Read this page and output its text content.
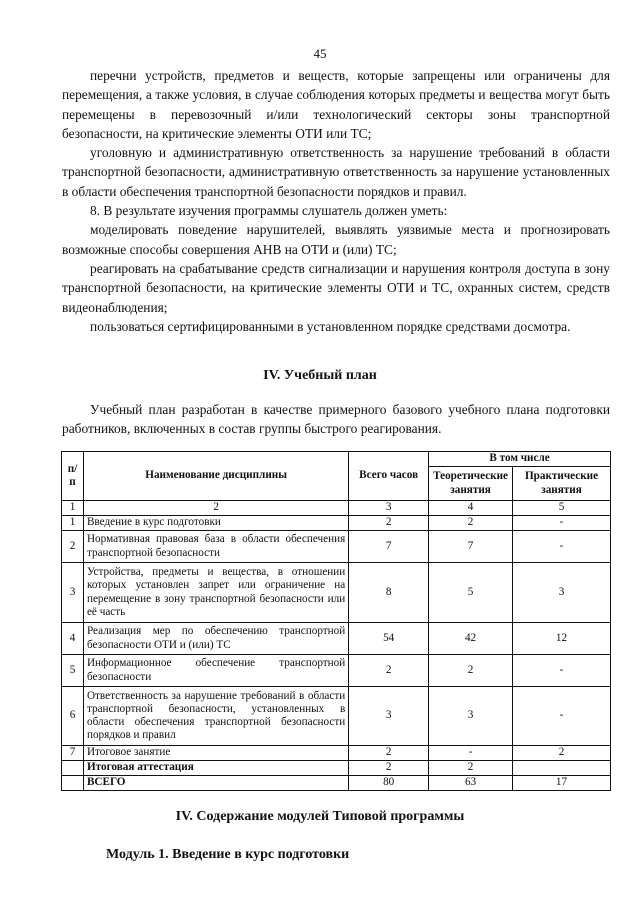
45

перечни устройств, предметов и веществ, которые запрещены или ограничены для перемещения, а также условия, в случае соблюдения которых предметы и вещества могут быть перемещены в перевозочный и/или технологический секторы зоны транспортной безопасности, на критические элементы ОТИ или ТС;

уголовную и административную ответственность за нарушение требований в области транспортной безопасности, административную ответственность за нарушение установленных в области обеспечения транспортной безопасности порядков и правил.

8. В результате изучения программы слушатель должен уметь:

моделировать поведение нарушителей, выявлять уязвимые места и прогнозировать возможные способы совершения АНВ на ОТИ и (или) ТС;

реагировать на срабатывание средств сигнализации и нарушения контроля доступа в зону транспортной безопасности, на критические элементы ОТИ и ТС, охранных систем, средств видеонаблюдения;

пользоваться сертифицированными в установленном порядке средствами досмотра.

IV. Учебный план

Учебный план разработан в качестве примерного базового учебного плана подготовки работников, включенных в состав группы быстрого реагирования.

п/п	Наименование дисциплины	Всего часов	В том числе	
			Теоретические занятия	Практические занятия
1	2	3	4	5
1	Введение в курс подготовки	2	2	-
2	Нормативная правовая база в области обеспечения транспортной безопасности	7	7	-
3	Устройства, предметы и вещества, в отношении которых установлен запрет или ограничение на перемещение в зону транспортной безопасности или её часть	8	5	3
4	Реализация мер по обеспечению транспортной безопасности ОТИ и (или) ТС	54	42	12
5	Информационное обеспечение транспортной безопасности	2	2	-
6	Ответственность за нарушение требований в области транспортной безопасности, установленных в области обеспечения транспортной безопасности порядков и правил	3	3	-
7	Итоговое занятие	2	-	2
	Итоговая аттестация	2	2	
	ВСЕГО	80	63	17
IV. Содержание модулей Типовой программы
Модуль 1. Введение в курс подготовки
